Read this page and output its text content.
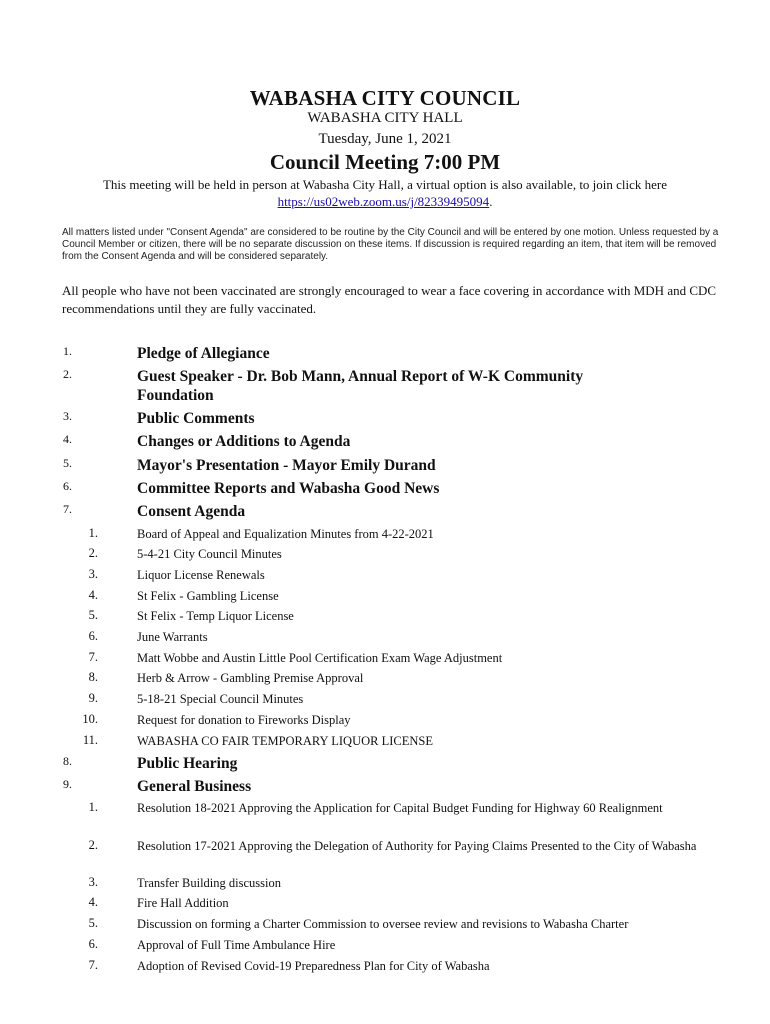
WABASHA CITY COUNCIL
WABASHA CITY HALL
Tuesday, June 1, 2021
Council Meeting 7:00 PM
This meeting will be held in person at Wabasha City Hall, a virtual option is also available, to join click here
https://us02web.zoom.us/j/82339495094.
All matters listed under "Consent Agenda" are considered to be routine by the City Council and will be entered by one motion. Unless requested by a Council Member or citizen, there will be no separate discussion on these items. If discussion is required regarding an item, that item will be removed from the Consent Agenda and will be considered separately.
All people who have not been vaccinated are strongly encouraged to wear a face covering in accordance with MDH and CDC recommendations until they are fully vaccinated.
1.	Pledge of Allegiance
2.	Guest Speaker - Dr. Bob Mann, Annual Report of W-K Community Foundation
3.	Public Comments
4.	Changes or Additions to Agenda
5.	Mayor's Presentation - Mayor Emily Durand
6.	Committee Reports and Wabasha Good News
7.	Consent Agenda
1.	Board of Appeal and Equalization Minutes from 4-22-2021
2.	5-4-21 City Council Minutes
3.	Liquor License Renewals
4.	St Felix - Gambling License
5.	St Felix - Temp Liquor License
6.	June Warrants
7.	Matt Wobbe and Austin Little Pool Certification Exam Wage Adjustment
8.	Herb & Arrow - Gambling Premise Approval
9.	5-18-21 Special Council Minutes
10.	Request for donation to Fireworks Display
11.	WABASHA CO FAIR TEMPORARY LIQUOR LICENSE
8.	Public Hearing
9.	General Business
1.	Resolution 18-2021 Approving the Application for Capital Budget Funding for Highway 60 Realignment
2.	Resolution 17-2021 Approving the Delegation of Authority for Paying Claims Presented to the City of Wabasha
3.	Transfer Building discussion
4.	Fire Hall Addition
5.	Discussion on forming a Charter Commission to oversee review and revisions to Wabasha Charter
6.	Approval of Full Time Ambulance Hire
7.	Adoption of Revised Covid-19 Preparedness Plan for City of Wabasha
